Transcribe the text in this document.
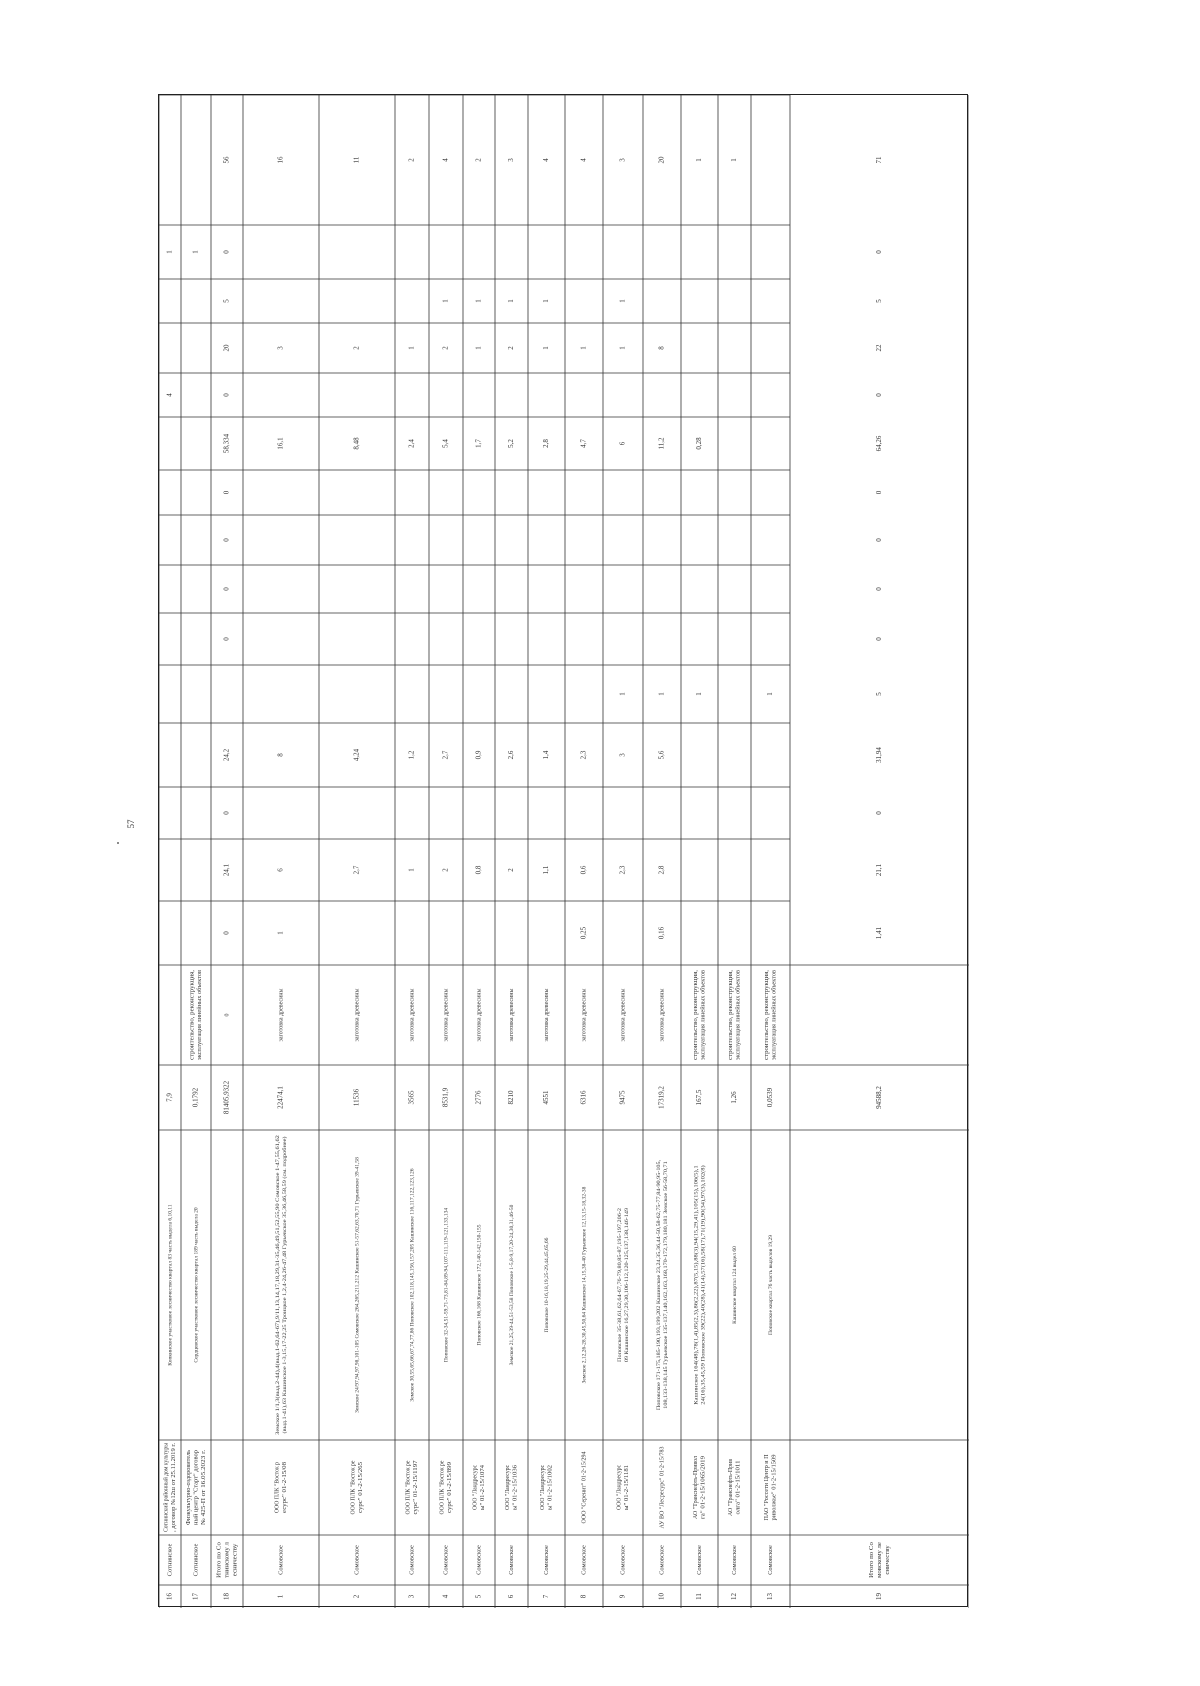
57
16
Сотнинское
Сотнинский районный дом культуры , договор №12ш от 25.11.2019 г.
Копкинское участковое лесничество квартал 83 часть выдела 6,10,11
7,9
4
1
17
Сотнинское
Физкультурно-оздоровитель ный центр "Старт" договор № 425-П от 16.05.2023 г.
Сердцевское участковое лесничество квартал 189 часть выдела 20
0,1792
строительство, реконструкция, эксплуатация линейных объектов
1
18
Итого по Со тнинскому л есничеству
81405,9322
0
0
24,1
0
24,2
0
0
0
0
58,334
0
20
5
0
56
1
Сомовское
ООО ПЛК "Восток р есурс" 01-2-15/08
Земское 1/1,3(выд.2-44),4(выд.1-62,64-67),9/11,13,14,17,18,29,31-35,46,49,51,52,55,90 Сомовское 1-47,55,61,62 (выд.1-41),63 Кашинское 1-3,15,17-22,25 Троицкое 1,2,4-24,26-47,48 Гурьевское 35,36,46,58,59 (см. подробнее)
22474,1
заготовка древесины
1
6
8
16,1
3
16
2
Сомовское
ООО ПЛК "Восток ре сурс" 01-2-15/265
Земское 24/97,94,97,98,101-105 Сомовское 264,265,211,212 Кашинское 51-57,62,63,70,71 Гурьевское 39-41,58
11536
заготовка древесины
2,7
4,24
8,48
2
11
3
Сомовское
ООО ПЛК "Восток ре сурс" 01-2-15/1197
Земское 30,55,65,66,67,74,77,86 Поповское 102,118,145,156,157,205 Кашинское 116,117,122,123,126
3565
заготовка древесины
1
1,2
2,4
1
2
4
Сомовское
ООО ПЛК "Восток ре сурс" 01-2-15/899
Поповское 32-34,51-59,71-73,81-84,89-94,107-111,119-121,133,134
8531,9
заготовка древесины
2
2,7
5,4
2
1
4
5
Сомовское
ООО "Ландресурс ы" 01-2-15/1074
Поповское 166,168 Кашинское 172,140-142,150-155
2776
заготовка древесины
0,8
0,9
1,7
1
1
2
6
Сомовское
ООО "Ландресурс ы" 01-2-15/1036
Земское 21,25,39-44,51-53,58 Поповское 1-5,8-9,17,20-24,30,31,46-50
8210
заготовка древесины
2
2,6
5,2
2
1
3
7
Сомовское
ООО "Ландресурс ы" 01-2-15/1002
Поповское 10-16,18,19,25-29,44,45,65,66
4551
заготовка древесины
1,1
1,4
2,8
1
1
4
8
Сомовское
ООО "Серенит" 01-2-15/294
Земское 2,12,26-28,30,45,50,64 Кашинское 14,15,38-40 Гурьевское 12,13,15-18,32-38
6316
заготовка древесины
0,25
0,6
2,3
4,7
1
4
9
Сомовское
ООО "Ландресурс ы" 01-2-15/1181
Поповское 35-38,61,62,64-67,76-79,80,85-87,195-197,206-2 09 Кашинское 16,27,29,30,106-112,120-125,137,138,146-149
9475
заготовка древесины
2,3
3
1
6
1
1
3
10
Сомовское
АУ ВО "Лесресурс" 01-2-15/783
Поповское 171-175,185-190,193,199,202 Кашинское 23,24,35,36,44-50,58-62,75-77,84-90,95-105, 108,133-138,145 Гурьевское 135-137,140,162,163,168,170-172,179,180,181 Земское 56-58,70,71
17319,2
заготовка древесины
0,16
2,8
5,6
1
11,2
8
20
11
Сомовское
АО "Транснефть-Привол га" 01-2-15/1065/2019
Кашинское 164(48),78(1,4),85(2,3),86(2,22),87(5,15),88(3),94(15,29,41),105(15),106(5),1 24(16),35,45,59 Поповское 39(22),40(28),41(14),57(16),58(17),71(19),90(34),97(3),102(8)
167,5
строительство, реконструкция, эксплуатация линейных объектов
1
0,28
1
12
Сомовское
АО "Транснефть-Прив олга" 01-2-15/1011
Кашинское квартал 124 выдел 60
1,26
строительство, реконструкция, эксплуатация линейных объектов
1
13
Сомовское
ПАО "Россети Центр и П риволжье" 01-2-15/1509
Поповское квартал 76 часть выделов 19,29
0,0539
строительство, реконструкция, эксплуатация линейных объектов
1
19
Итого по Со мовскому ле сничеству
94588,2
1,41
21,1
0
31,94
5
0
0
0
0
64,26
0
22
5
0
71
